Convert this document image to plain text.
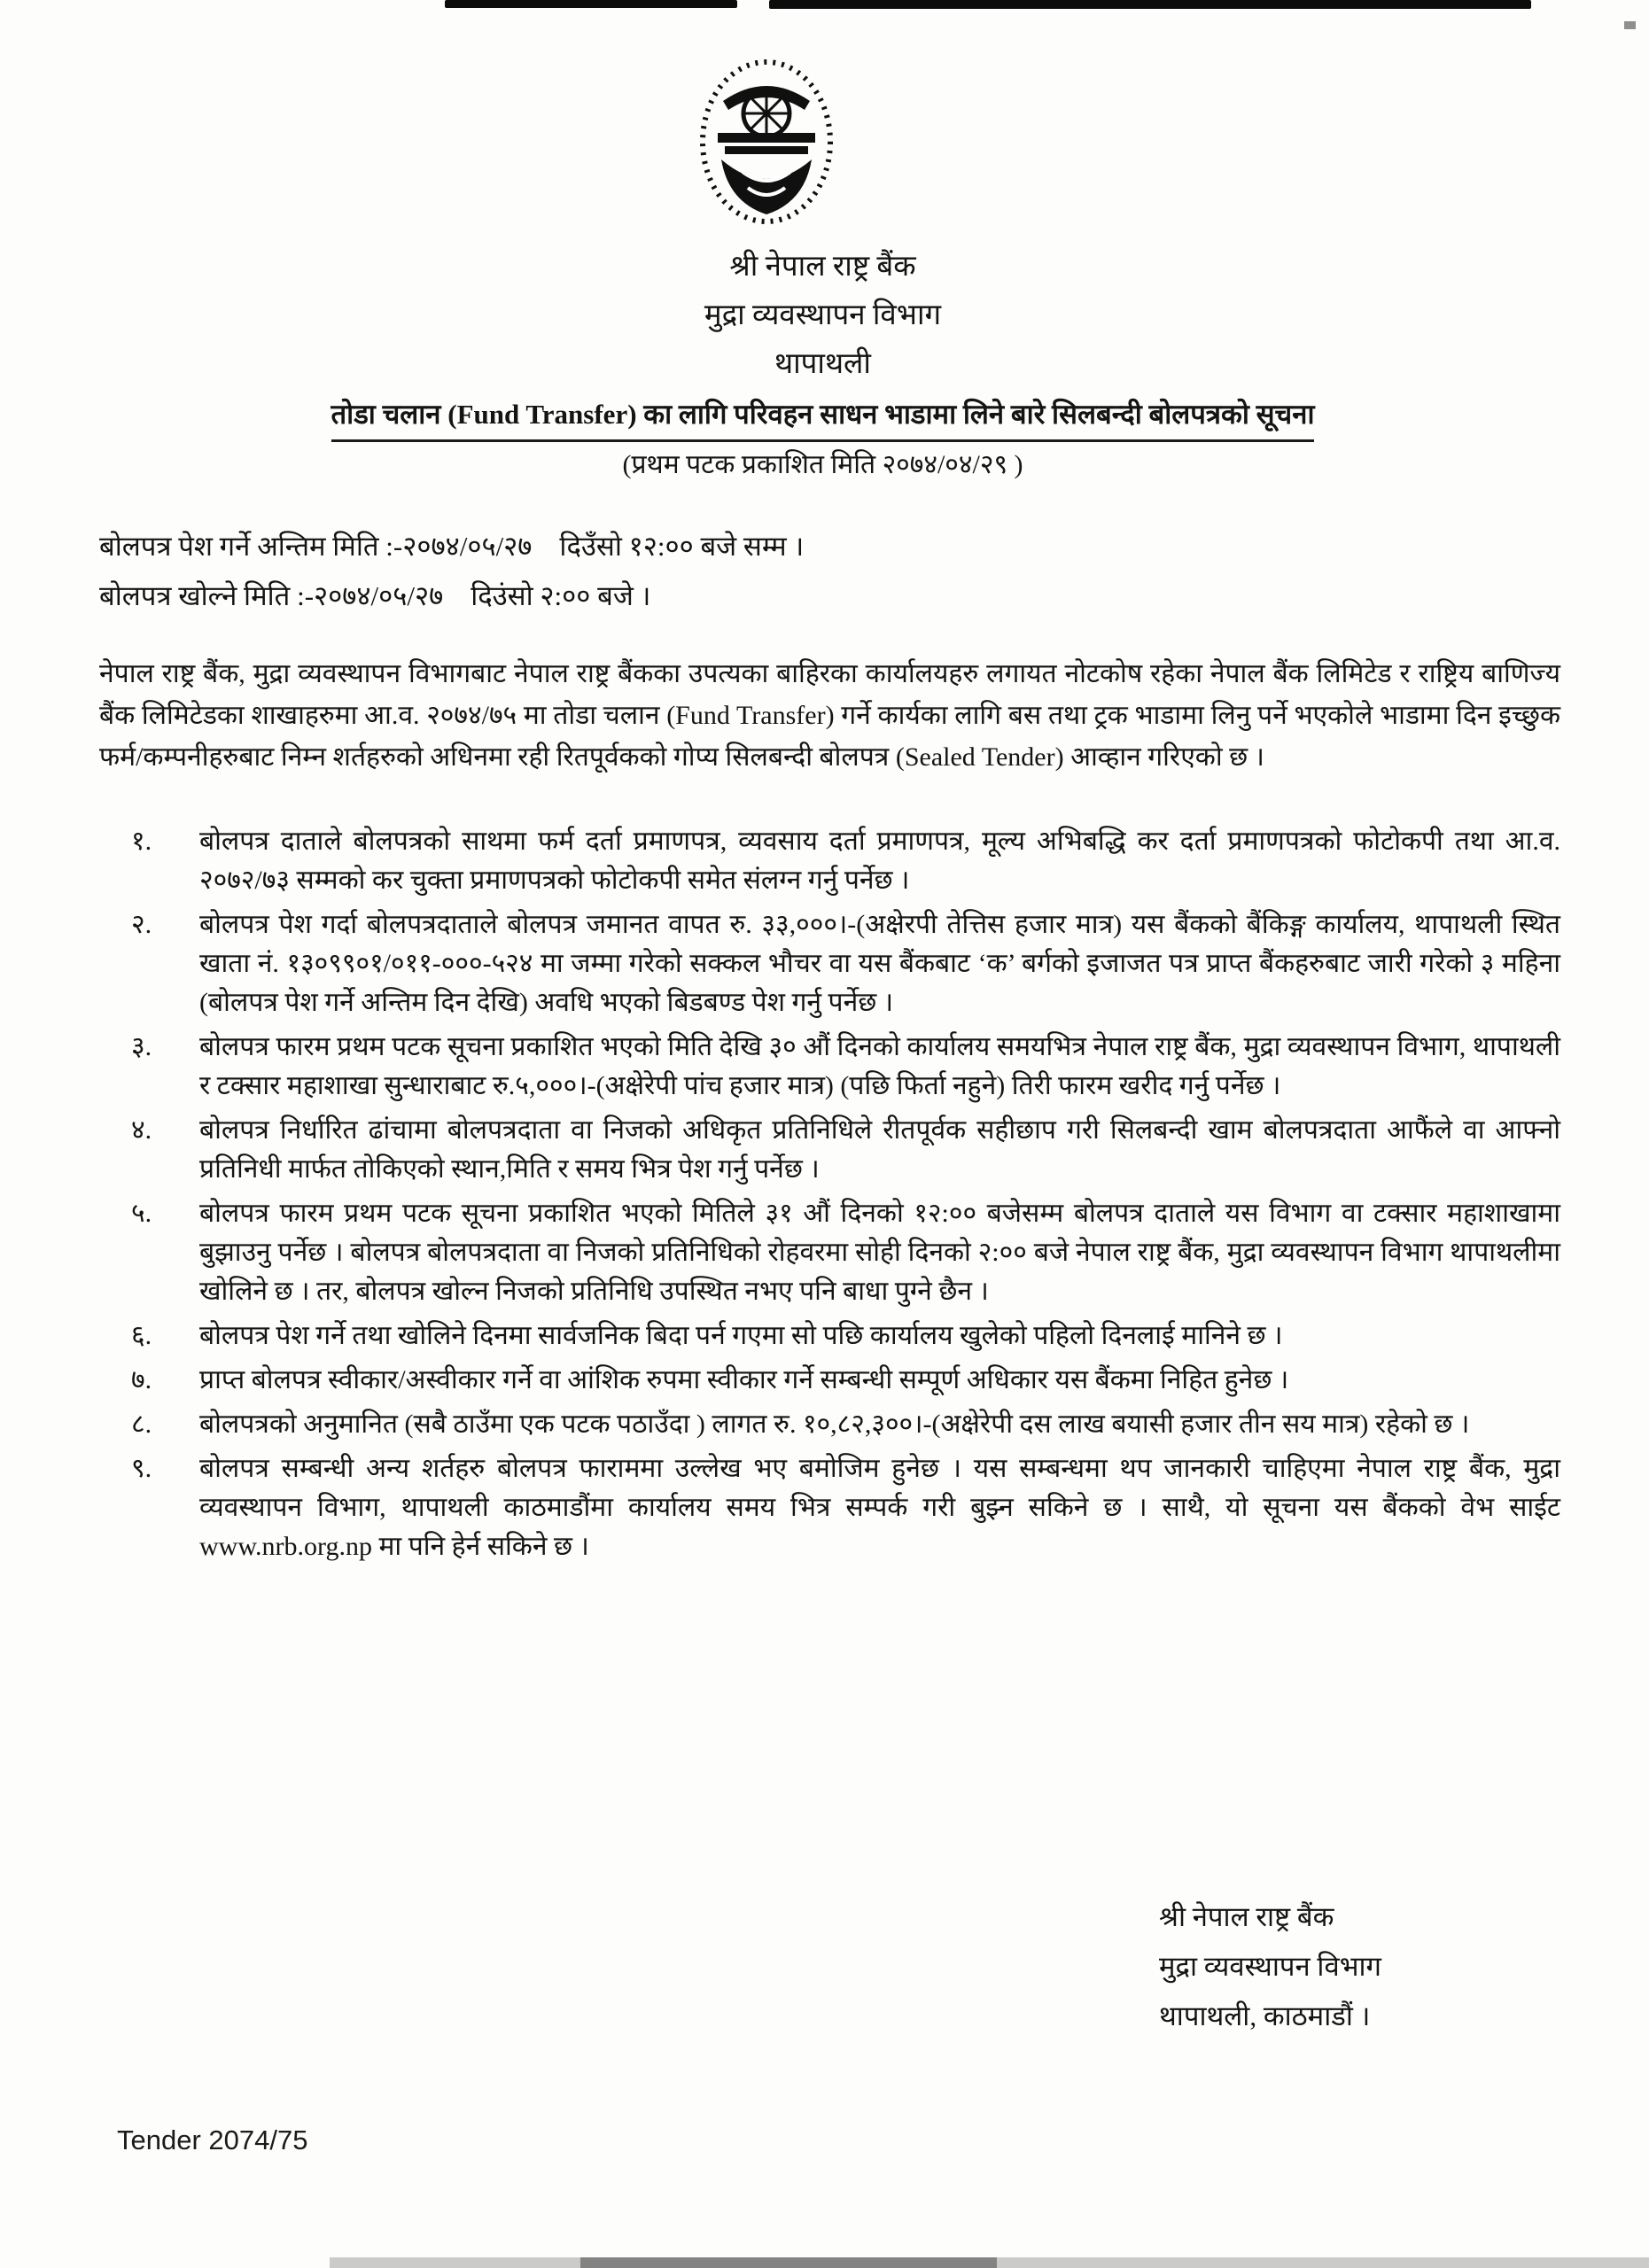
श्री नेपाल राष्ट्र बैंक
मुद्रा व्यवस्थापन विभाग
थापाथली
तोडा चलान (Fund Transfer) का लागि परिवहन साधन भाडामा लिने बारे सिलबन्दी बोलपत्रको सूचना
(प्रथम पटक प्रकाशित मिति २०७४/०४/२९ )
बोलपत्र पेश गर्ने अन्तिम मिति :-२०७४/०५/२७    दिउँसो १२:०० बजे सम्म ।
बोलपत्र खोल्ने मिति :-२०७४/०५/२७    दिउंसो २:०० बजे ।

नेपाल राष्ट्र बैंक, मुद्रा व्यवस्थापन विभागबाट नेपाल राष्ट्र बैंकका उपत्यका बाहिरका कार्यालयहरु लगायत नोटकोष रहेका नेपाल बैंक लिमिटेड र राष्ट्रिय बाणिज्य बैंक लिमिटेडका शाखाहरुमा आ.व. २०७४/७५ मा तोडा चलान (Fund Transfer) गर्ने कार्यका लागि बस तथा ट्रक भाडामा लिनु पर्ने भएकोले भाडामा दिन इच्छुक फर्म/कम्पनीहरुबाट निम्न शर्तहरुको अधिनमा रही रितपूर्वकको गोप्य सिलबन्दी बोलपत्र (Sealed Tender) आव्हान गरिएको छ ।

१. बोलपत्र दाताले बोलपत्रको साथमा फर्म दर्ता प्रमाणपत्र, व्यवसाय दर्ता प्रमाणपत्र, मूल्य अभिबद्धि कर दर्ता प्रमाणपत्रको फोटोकपी तथा आ.व. २०७२/७३ सम्मको कर चुक्ता प्रमाणपत्रको फोटोकपी समेत संलग्न गर्नु पर्नेछ ।
२. बोलपत्र पेश गर्दा बोलपत्रदाताले बोलपत्र जमानत वापत रु. ३३,०००।-(अक्षेरपी तेत्तिस हजार मात्र) यस बैंकको बैंकिङ्ग कार्यालय, थापाथली स्थित खाता नं. १३०९९०१/०११-०००-५२४ मा जम्मा गरेको सक्कल भौचर वा यस बैंकबाट ‘क’ बर्गको इजाजत पत्र प्राप्त बैंकहरुबाट जारी गरेको ३ महिना (बोलपत्र पेश गर्ने अन्तिम दिन देखि) अवधि भएको बिडबण्ड पेश गर्नु पर्नेछ ।
३. बोलपत्र फारम प्रथम पटक सूचना प्रकाशित भएको मिति देखि ३० औं दिनको कार्यालय समयभित्र नेपाल राष्ट्र बैंक, मुद्रा व्यवस्थापन विभाग, थापाथली र टक्सार महाशाखा सुन्धाराबाट रु.५,०००।-(अक्षेरेपी पांच हजार मात्र) (पछि फिर्ता नहुने) तिरी फारम खरीद गर्नु पर्नेछ ।
४. बोलपत्र निर्धारित ढांचामा बोलपत्रदाता वा निजको अधिकृत प्रतिनिधिले रीतपूर्वक सहीछाप गरी सिलबन्दी खाम बोलपत्रदाता आफैंले वा आफ्नो प्रतिनिधी मार्फत तोकिएको स्थान,मिति र समय भित्र पेश गर्नु पर्नेछ ।
५. बोलपत्र फारम प्रथम पटक सूचना प्रकाशित भएको मितिले ३१ औं दिनको १२:०० बजेसम्म बोलपत्र दाताले यस विभाग वा टक्सार महाशाखामा बुझाउनु पर्नेछ । बोलपत्र बोलपत्रदाता वा निजको प्रतिनिधिको रोहवरमा सोही दिनको २:०० बजे नेपाल राष्ट्र बैंक, मुद्रा व्यवस्थापन विभाग थापाथलीमा खोलिने छ । तर, बोलपत्र खोल्न निजको प्रतिनिधि उपस्थित नभए पनि बाधा पुग्ने छैन ।
६. बोलपत्र पेश गर्ने तथा खोलिने दिनमा सार्वजनिक बिदा पर्न गएमा सो पछि कार्यालय खुलेको पहिलो दिनलाई मानिने छ ।
७. प्राप्त बोलपत्र स्वीकार/अस्वीकार गर्ने वा आंशिक रुपमा स्वीकार गर्ने सम्बन्धी सम्पूर्ण अधिकार यस बैंकमा निहित हुनेछ ।
८. बोलपत्रको अनुमानित (सबै ठाउँमा एक पटक पठाउँदा ) लागत रु. १०,८२,३००।-(अक्षेरेपी दस लाख बयासी हजार तीन सय मात्र) रहेको छ ।
९. बोलपत्र सम्बन्धी अन्य शर्तहरु बोलपत्र फाराममा उल्लेख भए बमोजिम हुनेछ । यस सम्बन्धमा थप जानकारी चाहिएमा नेपाल राष्ट्र बैंक, मुद्रा व्यवस्थापन विभाग, थापाथली काठमाडौंमा कार्यालय समय भित्र सम्पर्क गरी बुझ्न सकिने छ । साथै, यो सूचना यस बैंकको वेभ साईट www.nrb.org.np मा पनि हेर्न सकिने छ ।
श्री नेपाल राष्ट्र बैंक
मुद्रा व्यवस्थापन विभाग
थापाथली, काठमाडौं ।
Tender 2074/75
